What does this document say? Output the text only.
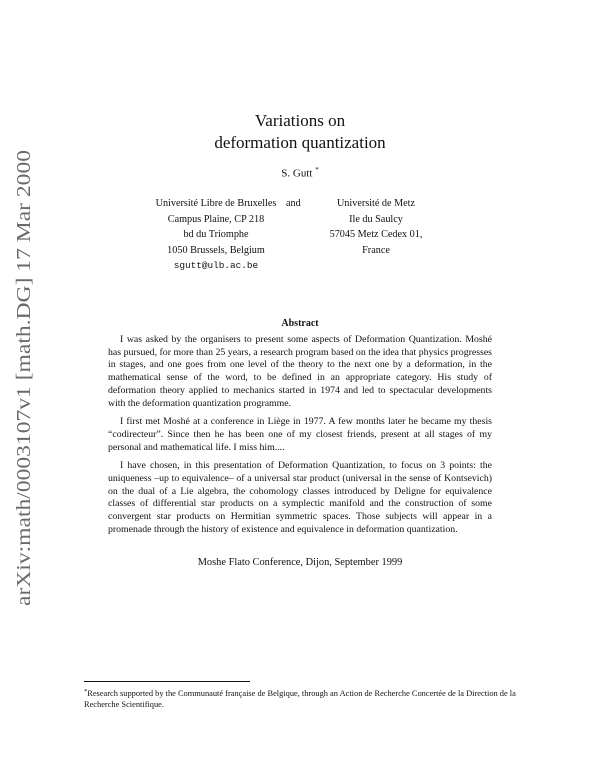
arXiv:math/0003107v1 [math.DG] 17 Mar 2000
Variations on
deformation quantization
S. Gutt *
Université Libre de Bruxelles
Campus Plaine, CP 218
bd du Triomphe
1050 Brussels, Belgium
sgutt@ulb.ac.be
and	Université de Metz
Ile du Saulcy
57045 Metz Cedex 01, France
Abstract

I was asked by the organisers to present some aspects of Deformation Quantization. Moshé has pursued, for more than 25 years, a research program based on the idea that physics progresses in stages, and one goes from one level of the theory to the next one by a deformation, in the mathematical sense of the word, to be defined in an appropriate category. His study of deformation theory applied to mechanics started in 1974 and led to spectacular developments with the deformation quantization programme.

I first met Moshé at a conference in Liège in 1977. A few months later he became my thesis “codirecteur”. Since then he has been one of my closest friends, present at all stages of my personal and mathematical life. I miss him....

I have chosen, in this presentation of Deformation Quantization, to focus on 3 points: the uniqueness –up to equivalence– of a universal star product (universal in the sense of Kontsevich) on the dual of a Lie algebra, the cohomology classes introduced by Deligne for equivalence classes of differential star products on a symplectic manifold and the construction of some convergent star products on Hermitian symmetric spaces. Those subjects will appear in a promenade through the history of existence and equivalence in deformation quantization.

Moshe Flato Conference, Dijon, September 1999
*Research supported by the Communauté française de Belgique, through an Action de Recherche Concertée de la Direction de la Recherche Scientifique.
